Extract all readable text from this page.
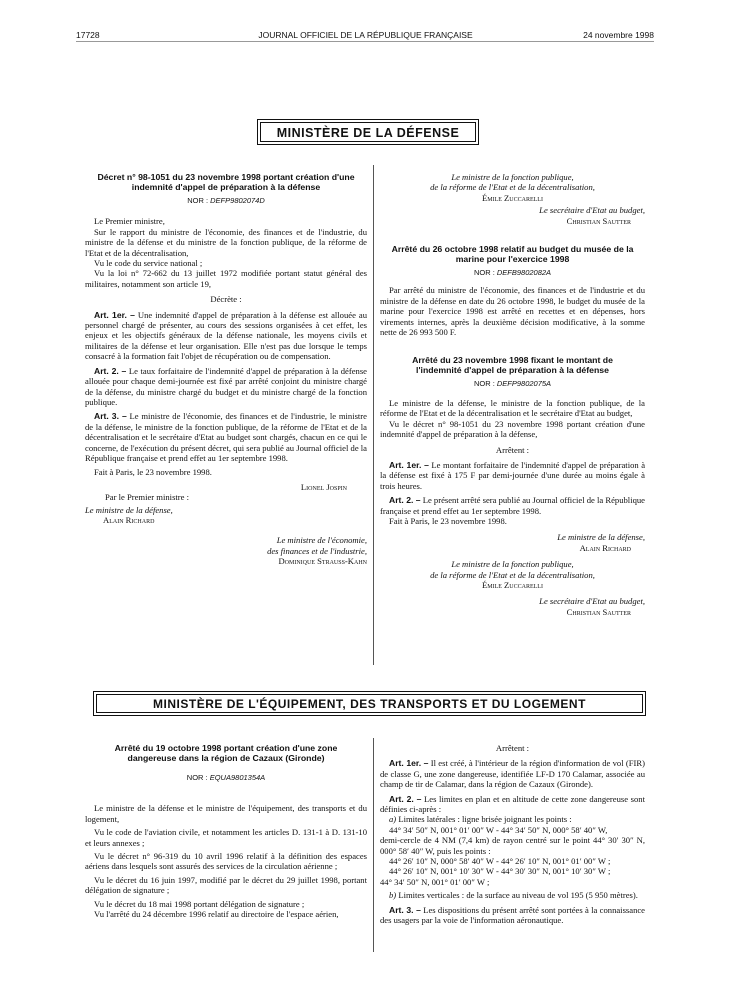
17728	JOURNAL OFFICIEL DE LA RÉPUBLIQUE FRANÇAISE	24 novembre 1998
MINISTÈRE DE LA DÉFENSE
Décret n° 98-1051 du 23 novembre 1998 portant création d'une indemnité d'appel de préparation à la défense
NOR : DEFP9802074D

Le Premier ministre,

Sur le rapport du ministre de l'économie, des finances et de l'industrie, du ministre de la défense et du ministre de la fonction publique, de la réforme de l'Etat et de la décentralisation,

Vu le code du service national ;

Vu la loi n° 72-662 du 13 juillet 1972 modifiée portant statut général des militaires, notamment son article 19,

Décrète :

Art. 1er. – Une indemnité d'appel de préparation à la défense est allouée au personnel chargé de présenter, au cours des sessions organisées à cet effet, les enjeux et les objectifs généraux de la défense nationale, les moyens civils et militaires de la défense et leur organisation. Elle n'est pas due lorsque le temps consacré à la formation fait l'objet de récupération ou de compensation.

Art. 2. – Le taux forfaitaire de l'indemnité d'appel de préparation à la défense allouée pour chaque demi-journée est fixé par arrêté conjoint du ministre chargé de la défense, du ministre chargé du budget et du ministre chargé de la fonction publique.

Art. 3. – Le ministre de l'économie, des finances et de l'industrie, le ministre de la défense, le ministre de la fonction publique, de la réforme de l'Etat et de la décentralisation et le secrétaire d'Etat au budget sont chargés, chacun en ce qui le concerne, de l'exécution du présent décret, qui sera publié au Journal officiel de la République française et prend effet au 1er septembre 1998.

Fait à Paris, le 23 novembre 1998.

Lionel Jospin

Par le Premier ministre :

Le ministre de la défense,

Alain Richard

Le ministre de l'économie,

des finances et de l'industrie,

Dominique Strauss-Kahn

Le ministre de la fonction publique,

de la réforme de l'Etat et de la décentralisation,

Émile Zuccarelli

Le secrétaire d'Etat au budget,

Christian Sautter

Arrêté du 26 octobre 1998 relatif au budget du musée de la marine pour l'exercice 1998
NOR : DEFB9802082A

Par arrêté du ministre de l'économie, des finances et de l'industrie et du ministre de la défense en date du 26 octobre 1998, le budget du musée de la marine pour l'exercice 1998 est arrêté en recettes et en dépenses, hors virements internes, après la deuxième décision modificative, à la somme nette de 26 993 500 F.

Arrêté du 23 novembre 1998 fixant le montant de l'indemnité d'appel de préparation à la défense
NOR : DEFP9802075A

Le ministre de la défense, le ministre de la fonction publique, de la réforme de l'Etat et de la décentralisation et le secrétaire d'Etat au budget,

Vu le décret n° 98-1051 du 23 novembre 1998 portant création d'une indemnité d'appel de préparation à la défense,

Arrêtent :

Art. 1er. – Le montant forfaitaire de l'indemnité d'appel de préparation à la défense est fixé à 175 F par demi-journée d'une durée au moins égale à trois heures.

Art. 2. – Le présent arrêté sera publié au Journal officiel de la République française et prend effet au 1er septembre 1998.

Fait à Paris, le 23 novembre 1998.

Le ministre de la défense,

Alain Richard

Le ministre de la fonction publique,

de la réforme de l'Etat et de la décentralisation,

Émile Zuccarelli

Le secrétaire d'Etat au budget,

Christian Sautter

MINISTÈRE DE L'ÉQUIPEMENT, DES TRANSPORTS ET DU LOGEMENT
Arrêté du 19 octobre 1998 portant création d'une zone dangereuse dans la région de Cazaux (Gironde)
NOR : EQUA9801354A

Le ministre de la défense et le ministre de l'équipement, des transports et du logement,

Vu le code de l'aviation civile, et notamment les articles D. 131-1 à D. 131-10 et leurs annexes ;

Vu le décret n° 96-319 du 10 avril 1996 relatif à la définition des espaces aériens dans lesquels sont assurés des services de la circulation aérienne ;

Vu le décret du 16 juin 1997, modifié par le décret du 29 juillet 1998, portant délégation de signature ;

Vu le décret du 18 mai 1998 portant délégation de signature ;

Vu l'arrêté du 24 décembre 1996 relatif au directoire de l'espace aérien,

Arrêtent :

Art. 1er. – Il est créé, à l'intérieur de la région d'information de vol (FIR) de classe G, une zone dangereuse, identifiée LF-D 170 Calamar, associée au champ de tir de Calamar, dans la région de Cazaux (Gironde).

Art. 2. – Les limites en plan et en altitude de cette zone dangereuse sont définies ci-après :

a) Limites latérales : ligne brisée joignant les points :

44° 34′ 50″ N, 001° 01′ 00″ W - 44° 34′ 50″ N, 000° 58′ 40″ W,

demi-cercle de 4 NM (7,4 km) de rayon centré sur le point 44° 30′ 30″ N, 000° 58′ 40″ W, puis les points :

44° 26′ 10″ N, 000° 58′ 40″ W - 44° 26′ 10″ N, 001° 01′ 00″ W ;

44° 26′ 10″ N, 001° 10′ 30″ W - 44° 30′ 30″ N, 001° 10′ 30″ W ;

44° 34′ 50″ N, 001° 01′ 00″ W ;

b) Limites verticales : de la surface au niveau de vol 195 (5 950 mètres).

Art. 3. – Les dispositions du présent arrêté sont portées à la connaissance des usagers par la voie de l'information aéronautique.
